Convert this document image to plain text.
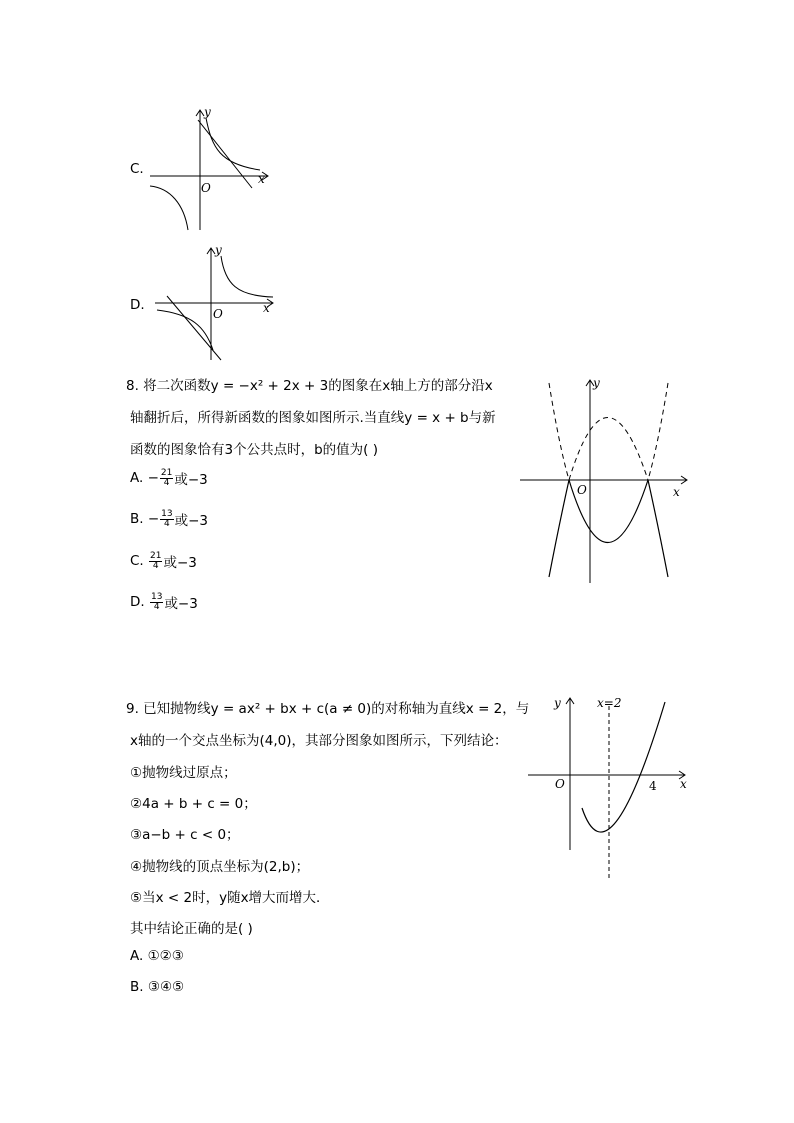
C.
y
x
O
D.
y
x
O
8. 将二次函数y = −x² + 2x + 3的图象在x轴上方的部分沿x
轴翻折后，所得新函数的图象如图所示.当直线y = x + b与新
函数的图象恰有3个公共点时，b的值为( )
A.
− $\frac{21}{4}$ 或−3
B.
− $\frac{13}{4}$ 或−3
C.
$\frac{21}{4}$ 或−3
D.
$\frac{13}{4}$ 或−3
y
x
O
9. 已知抛物线y = ax² + bx + c(a ≠ 0)的对称轴为直线x = 2，与
x轴的一个交点坐标为(4,0)，其部分图象如图所示，下列结论：
①抛物线过原点；
②4a + b + c = 0；
③a−b + c < 0；
④抛物线的顶点坐标为(2,b)；
⑤当x < 2时，y随x增大而增大．
其中结论正确的是( )
A. ①②③
B. ③④⑤
y
x
O	4
x=2
